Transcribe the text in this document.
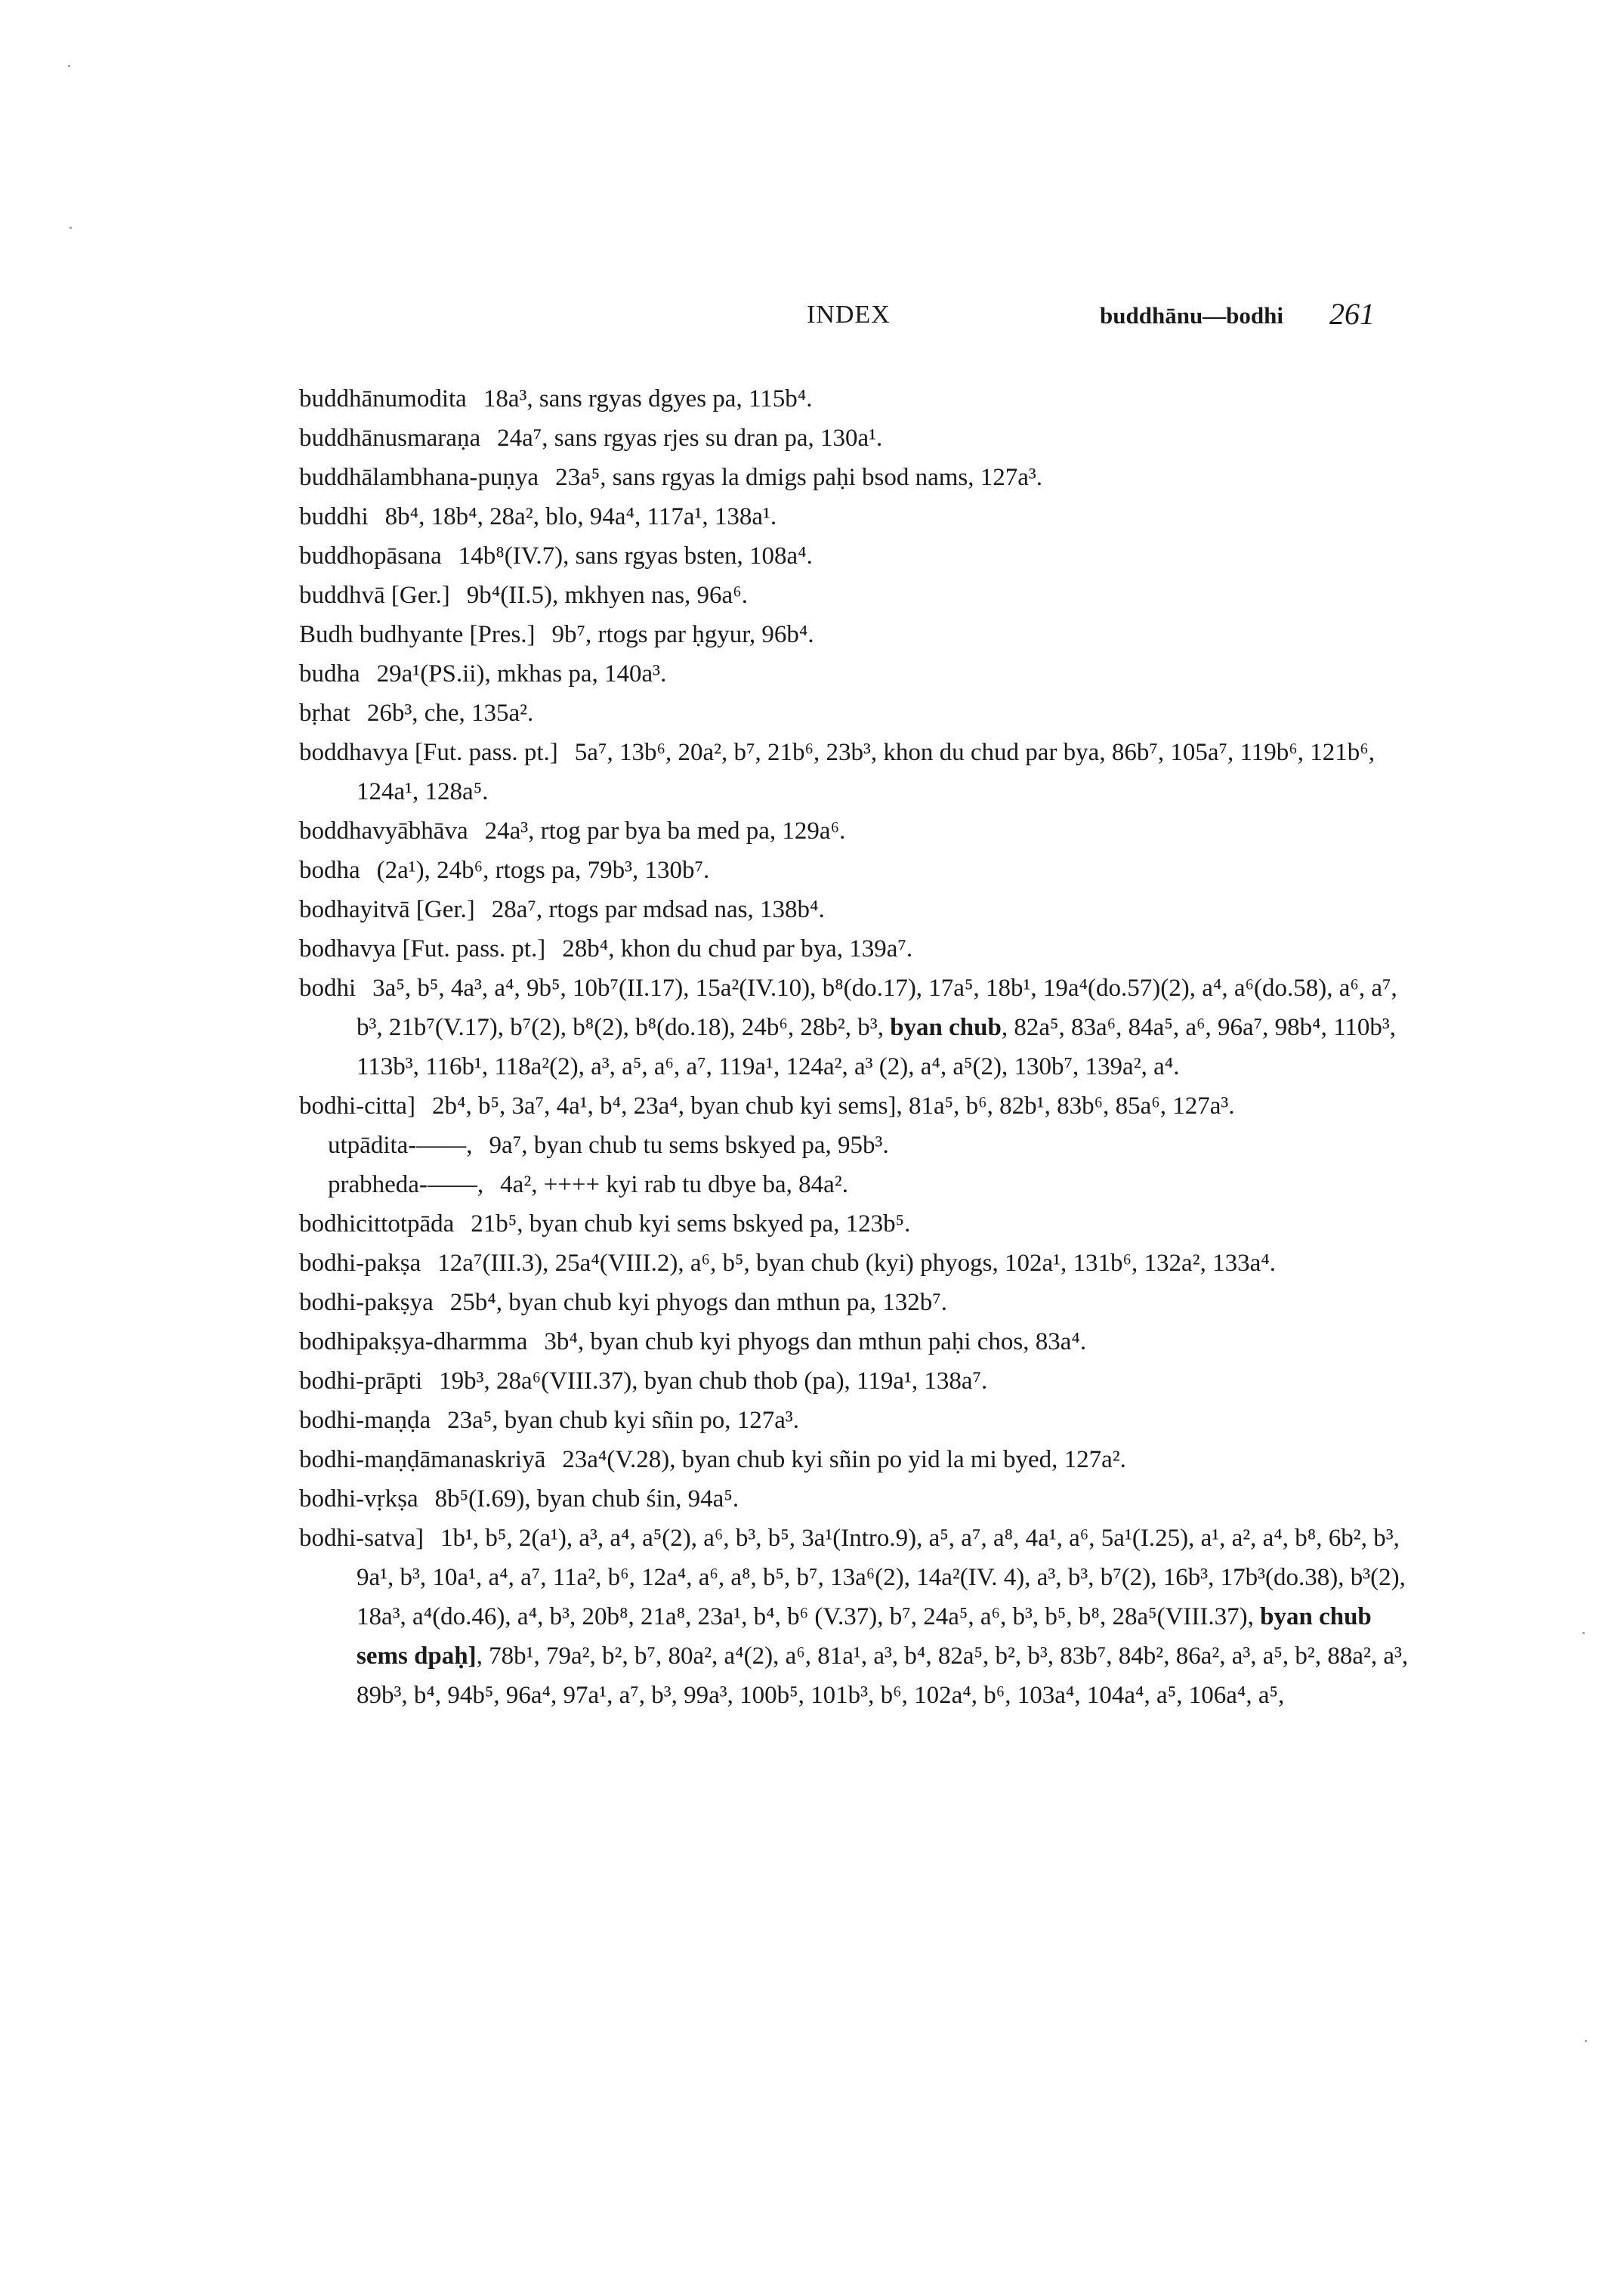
INDEX	buddhānu—bodhi 261

buddhānumodita 18a³, sans rgyas dgyes pa, 115b⁴.

buddhānusmaraṇa 24a⁷, sans rgyas rjes su dran pa, 130a¹.

buddhālambhana-puṇya 23a⁵, sans rgyas la dmigs paḥi bsod nams, 127a³.

buddhi 8b⁴, 18b⁴, 28a², blo, 94a⁴, 117a¹, 138a¹.

buddhopāsana 14b⁸(IV.7), sans rgyas bsten, 108a⁴.

buddhvā [Ger.] 9b⁴(II.5), mkhyen nas, 96a⁶.

Budh budhyante [Pres.] 9b⁷, rtogs par ḥgyur, 96b⁴.

budha 29a¹(PS.ii), mkhas pa, 140a³.

bṛhat 26b³, che, 135a².

boddhavya [Fut. pass. pt.] 5a⁷, 13b⁶, 20a², b⁷, 21b⁶, 23b³, khon du chud par bya, 86b⁷, 105a⁷, 119b⁶, 121b⁶, 124a¹, 128a⁵.

boddhavyābhāva 24a³, rtog par bya ba med pa, 129a⁶.

bodha (2a¹), 24b⁶, rtogs pa, 79b³, 130b⁷.

bodhayitvā [Ger.] 28a⁷, rtogs par mdsad nas, 138b⁴.

bodhavya [Fut. pass. pt.] 28b⁴, khon du chud par bya, 139a⁷.

bodhi 3a⁵, b⁵, 4a³, a⁴, 9b⁵, 10b⁷(II.17), 15a²(IV.10), b⁸(do.17), 17a⁵, 18b¹, 19a⁴(do.57)(2), a⁴, a⁶(do.58), a⁶, a⁷, b³, 21b⁷(V.17), b⁷(2), b⁸(2), b⁸(do.18), 24b⁶, 28b², b³, byan chub, 82a⁵, 83a⁶, 84a⁵, a⁶, 96a⁷, 98b⁴, 110b³, 113b³, 116b¹, 118a²(2), a³, a⁵, a⁶, a⁷, 119a¹, 124a², a³ (2), a⁴, a⁵(2), 130b⁷, 139a², a⁴.

bodhi-citta] 2b⁴, b⁵, 3a⁷, 4a¹, b⁴, 23a⁴, byan chub kyi sems], 81a⁵, b⁶, 82b¹, 83b⁶, 85a⁶, 127a³.

utpādita-——, 9a⁷, byan chub tu sems bskyed pa, 95b³.

prabheda-——, 4a², ++++ kyi rab tu dbye ba, 84a².

bodhicittotpāda 21b⁵, byan chub kyi sems bskyed pa, 123b⁵.

bodhi-pakṣa 12a⁷(III.3), 25a⁴(VIII.2), a⁶, b⁵, byan chub (kyi) phyogs, 102a¹, 131b⁶, 132a², 133a⁴.

bodhi-pakṣya 25b⁴, byan chub kyi phyogs dan mthun pa, 132b⁷.

bodhipakṣya-dharmma 3b⁴, byan chub kyi phyogs dan mthun paḥi chos, 83a⁴.

bodhi-prāpti 19b³, 28a⁶(VIII.37), byan chub thob (pa), 119a¹, 138a⁷.

bodhi-maṇḍa 23a⁵, byan chub kyi sñin po, 127a³.

bodhi-maṇḍāmanaskriyā 23a⁴(V.28), byan chub kyi sñin po yid la mi byed, 127a².

bodhi-vṛkṣa 8b⁵(I.69), byan chub śin, 94a⁵.

bodhi-satva] 1b¹, b⁵, 2(a¹), a³, a⁴, a⁵(2), a⁶, b³, b⁵, 3a¹(Intro.9), a⁵, a⁷, a⁸, 4a¹, a⁶, 5a¹(I.25), a¹, a², a⁴, b⁸, 6b², b³, 9a¹, b³, 10a¹, a⁴, a⁷, 11a², b⁶, 12a⁴, a⁶, a⁸, b⁵, b⁷, 13a⁶(2), 14a²(IV. 4), a³, b³, b⁷(2), 16b³, 17b³(do.38), b³(2), 18a³, a⁴(do.46), a⁴, b³, 20b⁸, 21a⁸, 23a¹, b⁴, b⁶ (V.37), b⁷, 24a⁵, a⁶, b³, b⁵, b⁸, 28a⁵(VIII.37), byan chub sems dpaḥ], 78b¹, 79a², b², b⁷, 80a², a⁴(2), a⁶, 81a¹, a³, b⁴, 82a⁵, b², b³, 83b⁷, 84b², 86a², a³, a⁵, b², 88a², a³, 89b³, b⁴, 94b⁵, 96a⁴, 97a¹, a⁷, b³, 99a³, 100b⁵, 101b³, b⁶, 102a⁴, b⁶, 103a⁴, 104a⁴, a⁵, 106a⁴, a⁵,
